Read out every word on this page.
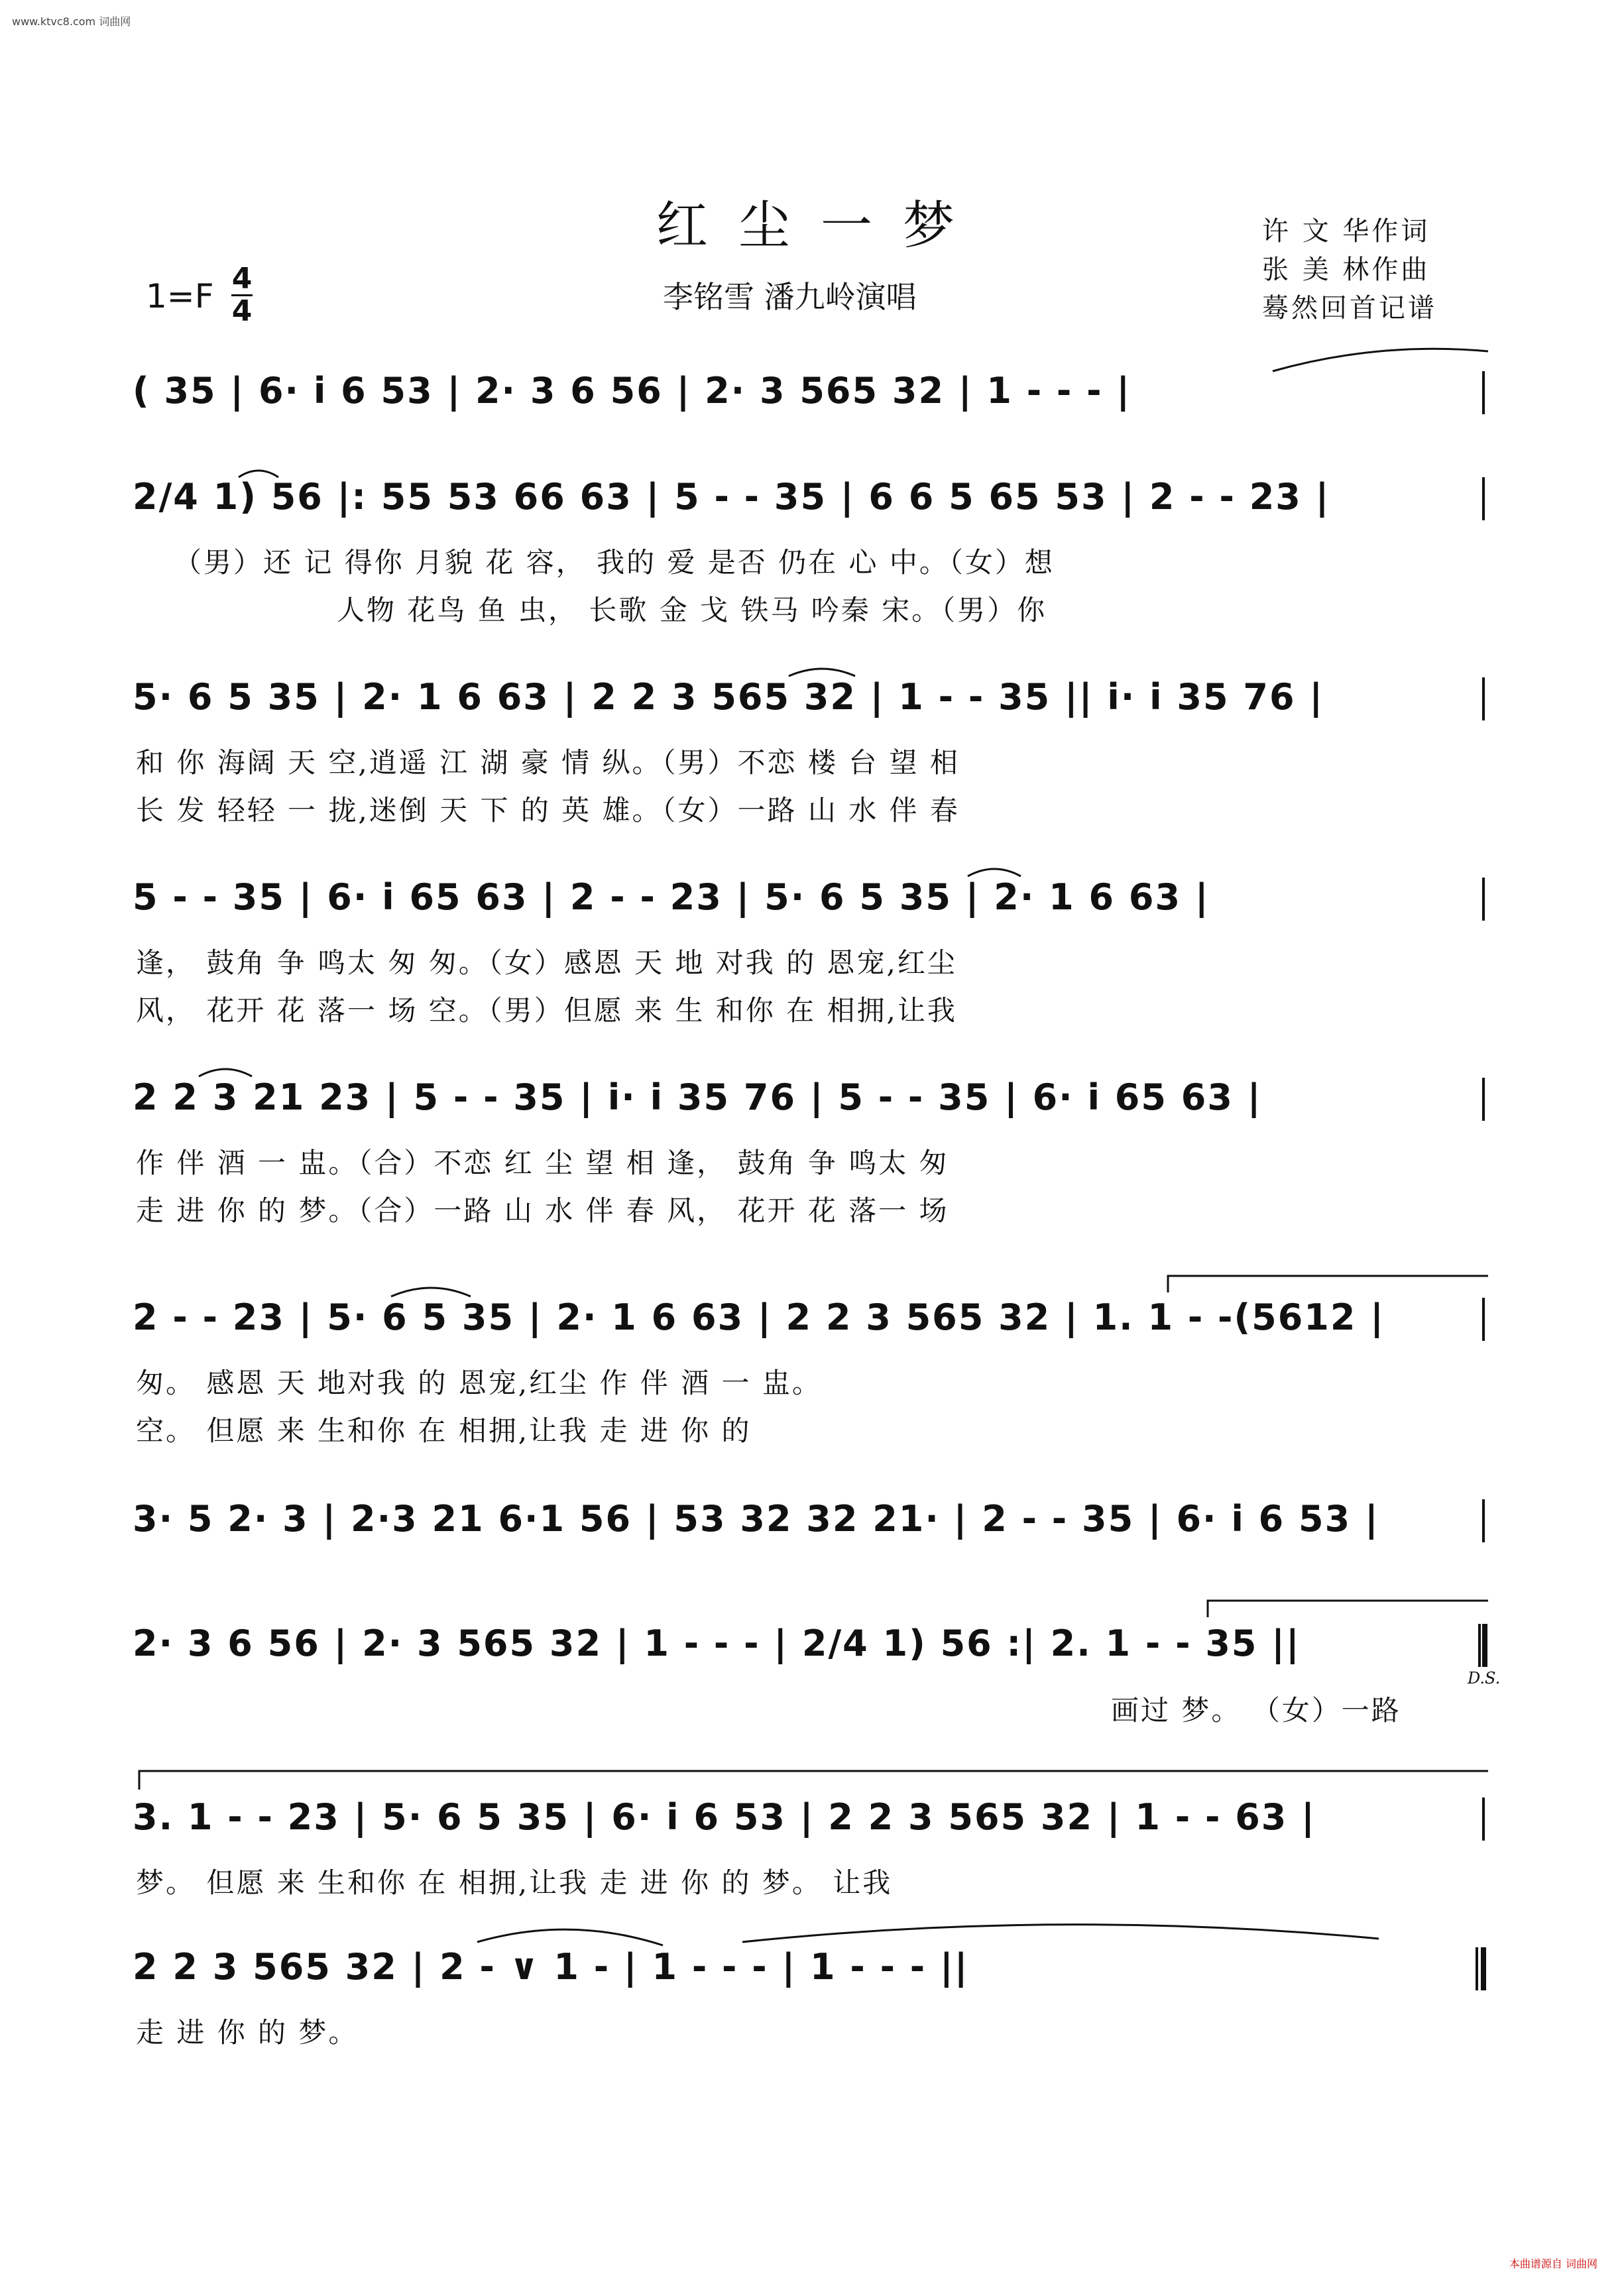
www.ktvc8.com 词曲网
红尘一梦
李铭雪 潘九岭演唱
许 文 华作词
张 美 林作曲
蓦然回首记谱
1=F 4
4
( 35 | 6· i 6 53 | 2· 3 6 56 | 2· 3 565 32 | 1 - - - |
2/4 1) 56 |: 55 53 66 63 | 5 - - 35 | 6 6 5 65 53 | 2 - - 23 |
（男）还 记 得你 月貌 花 容， 我的 爱 是否 仍在 心 中。（女）想
人物 花鸟 鱼 虫， 长歌 金 戈 铁马 吟秦 宋。（男）你
5· 6 5 35 | 2· 1 6 63 | 2 2 3 565 32 | 1 - - 35 || i· i 35 76 |
和 你 海阔 天 空,逍遥 江 湖 豪 情 纵。（男）不恋 楼 台 望 相
长 发 轻轻 一 拢,迷倒 天 下 的 英 雄。（女）一路 山 水 伴 春
5 - - 35 | 6· i 65 63 | 2 - - 23 | 5· 6 5 35 | 2· 1 6 63 |
逢， 鼓角 争 鸣太 匆 匆。（女）感恩 天 地 对我 的 恩宠,红尘
风， 花开 花 落一 场 空。（男）但愿 来 生 和你 在 相拥,让我
2 2 3 21 23 | 5 - - 35 | i· i 35 76 | 5 - - 35 | 6· i 65 63 |
作 伴 酒 一 盅。（合）不恋 红 尘 望 相 逢， 鼓角 争 鸣太 匆
走 进 你 的 梦。（合）一路 山 水 伴 春 风， 花开 花 落一 场
2 - - 23 | 5· 6 5 35 | 2· 1 6 63 | 2 2 3 565 32 | 1. 1 - -(5612 |
匆。 感恩 天 地对我 的 恩宠,红尘 作 伴 酒 一 盅。
空。 但愿 来 生和你 在 相拥,让我 走 进 你 的
3· 5 2· 3 | 2·3 21 6·1 56 | 53 32 32 21· | 2 - - 35 | 6· i 6 53 |
2· 3 6 56 | 2· 3 565 32 | 1 - - - | 2/4 1) 56 :| 2. 1 - - 35 ||
画过 梦。 （女）一路
D.S.
3. 1 - - 23 | 5· 6 5 35 | 6· i 6 53 | 2 2 3 565 32 | 1 - - 63 |
梦。 但愿 来 生和你 在 相拥,让我 走 进 你 的 梦。 让我
2 2 3 565 32 | 2 - ∨ 1 - | 1 - - - | 1 - - - ||
走 进 你 的 梦。
本曲谱源自 词曲网
